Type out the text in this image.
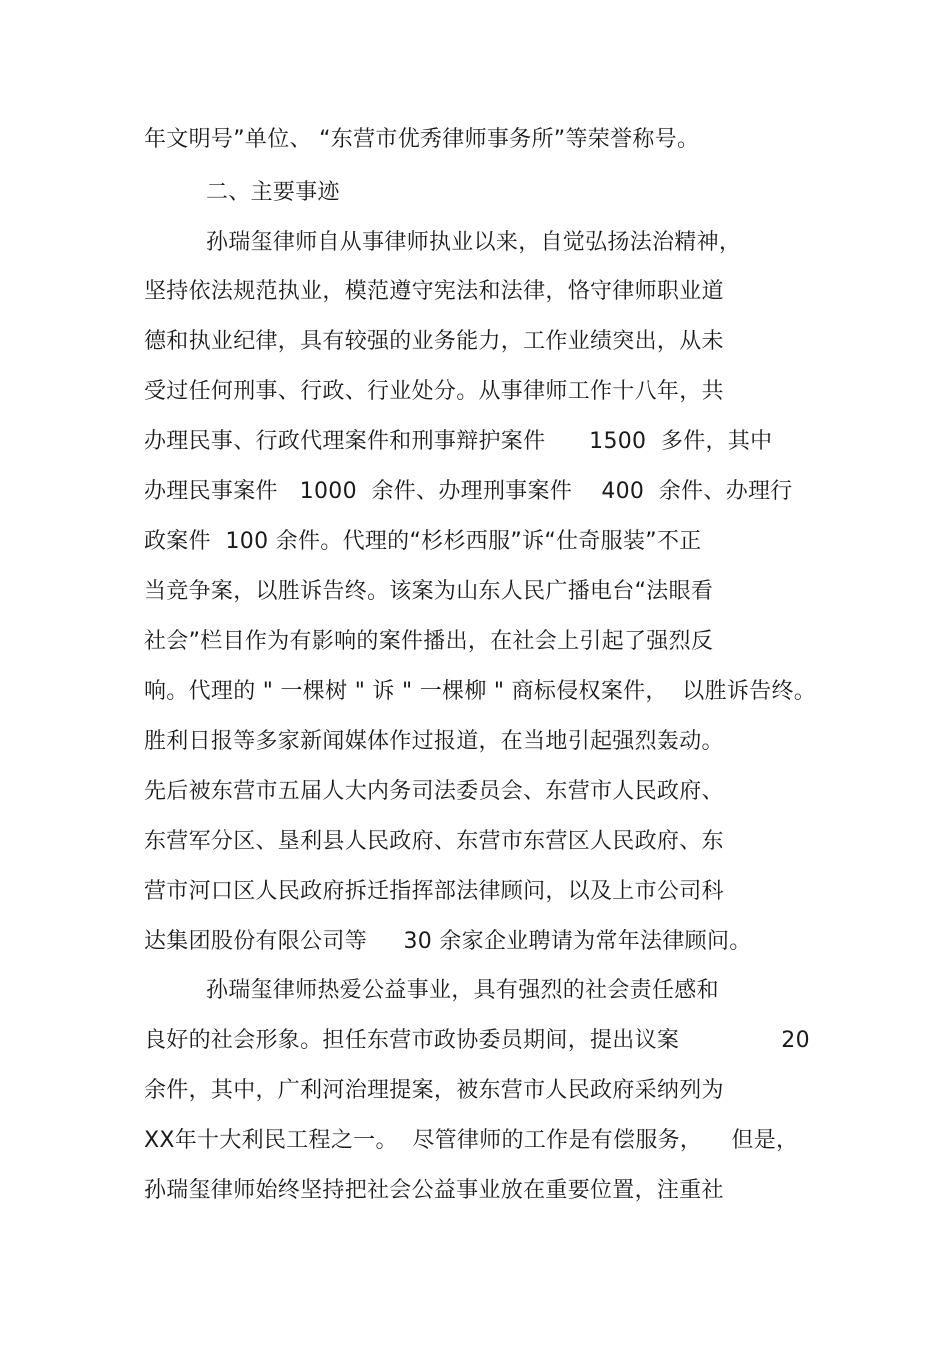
年文明号”单位、 “东营市优秀律师事务所”等荣誉称号。

二、主要事迹

孙瑞玺律师自从事律师执业以来，自觉弘扬法治精神，

坚持依法规范执业，模范遵守宪法和法律，恪守律师职业道

德和执业纪律，具有较强的业务能力，工作业绩突出，从未

受过任何刑事、行政、行业处分。从事律师工作十八年，共

办理民事、行政代理案件和刑事辩护案件      1500  多件，其中

办理民事案件   1000  余件、办理刑事案件    400  余件、办理行

政案件  100 余件。代理的“杉杉西服”诉“仕奇服装”不正

当竞争案，以胜诉告终。该案为山东人民广播电台“法眼看

社会”栏目作为有影响的案件播出，在社会上引起了强烈反

响。代理的 " 一棵树 " 诉 " 一棵柳 " 商标侵权案件，  以胜诉告终。

胜利日报等多家新闻媒体作过报道，在当地引起强烈轰动。

先后被东营市五届人大内务司法委员会、东营市人民政府、

东营军分区、垦利县人民政府、东营市东营区人民政府、东

营市河口区人民政府拆迁指挥部法律顾问，以及上市公司科

达集团股份有限公司等     30 余家企业聘请为常年法律顾问。

孙瑞玺律师热爱公益事业，具有强烈的社会责任感和

良好的社会形象。担任东营市政协委员期间，提出议案              20

余件，其中，广利河治理提案，被东营市人民政府采纳列为

XX年十大利民工程之一。  尽管律师的工作是有偿服务，    但是，

孙瑞玺律师始终坚持把社会公益事业放在重要位置，注重社
